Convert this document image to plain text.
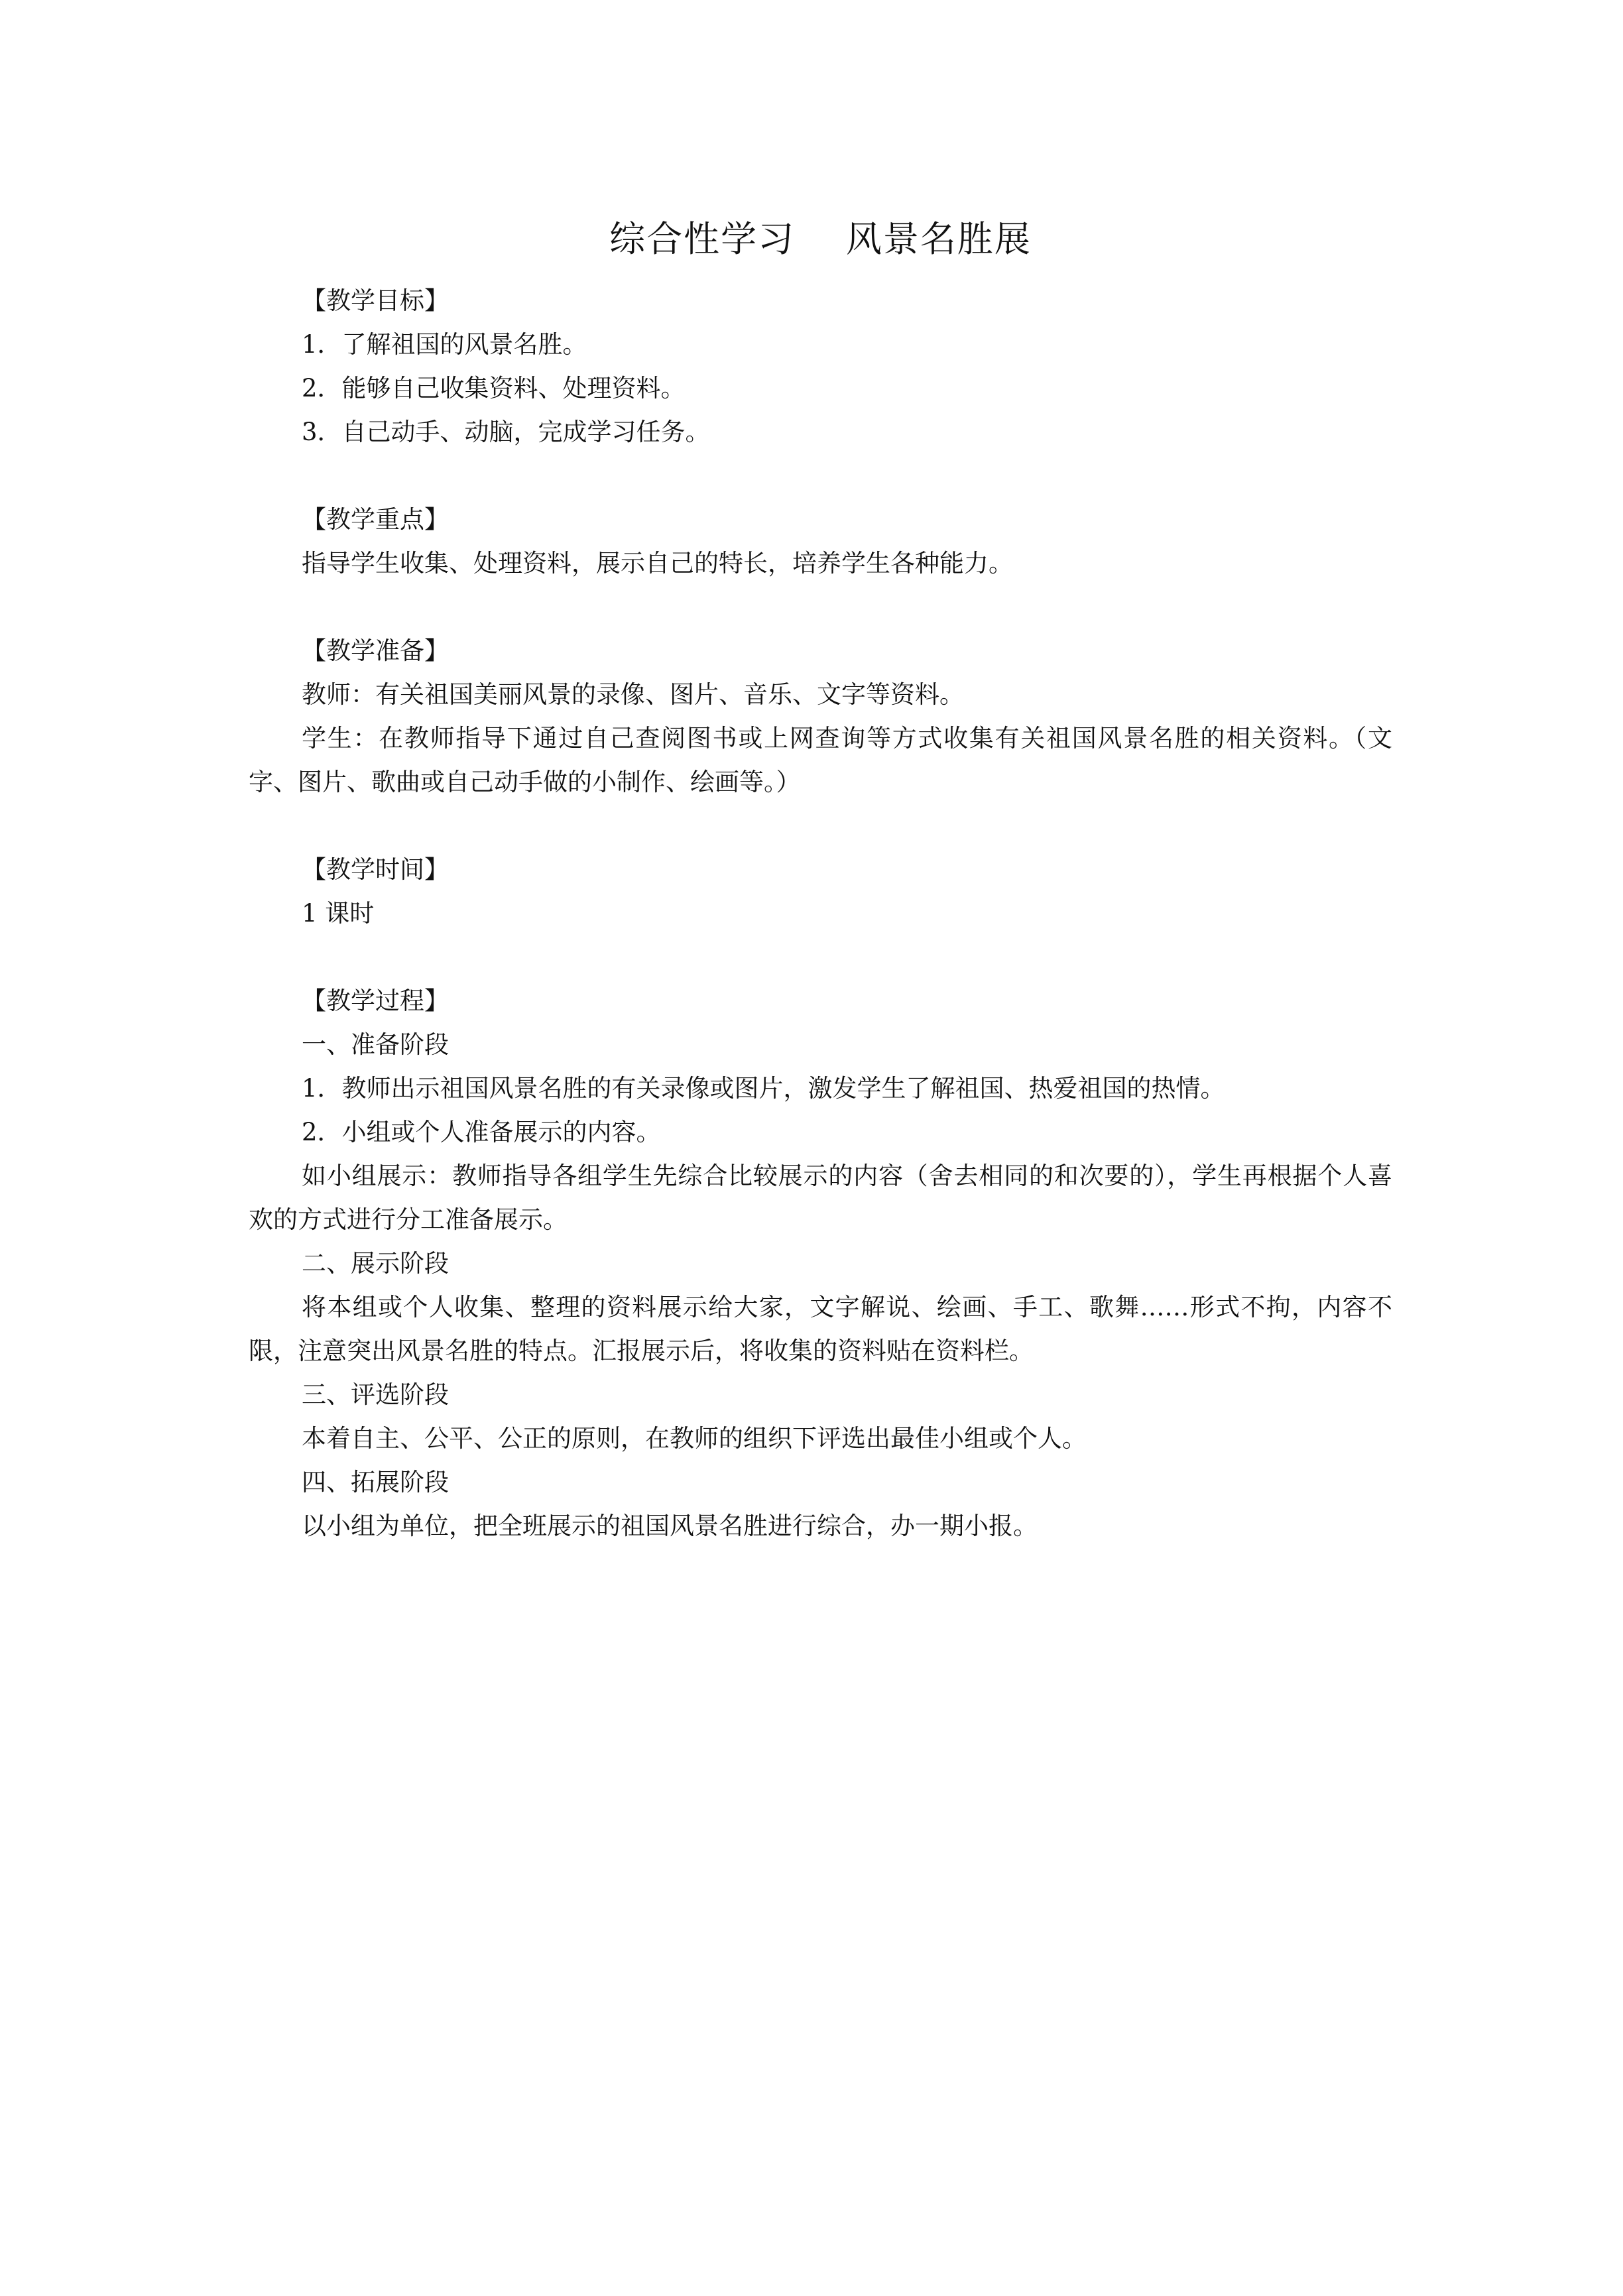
综合性学习    风景名胜展

【教学目标】

1．了解祖国的风景名胜。

2．能够自己收集资料、处理资料。

3．自己动手、动脑，完成学习任务。

【教学重点】

指导学生收集、处理资料，展示自己的特长，培养学生各种能力。

【教学准备】

教师：有关祖国美丽风景的录像、图片、音乐、文字等资料。

学生：在教师指导下通过自己查阅图书或上网查询等方式收集有关祖国风景名胜的相关资料。（文字、图片、歌曲或自己动手做的小制作、绘画等。）

【教学时间】

1 课时

【教学过程】

一、准备阶段

1．教师出示祖国风景名胜的有关录像或图片，激发学生了解祖国、热爱祖国的热情。

2．小组或个人准备展示的内容。

如小组展示：教师指导各组学生先综合比较展示的内容（舍去相同的和次要的），学生再根据个人喜欢的方式进行分工准备展示。

二、展示阶段

将本组或个人收集、整理的资料展示给大家，文字解说、绘画、手工、歌舞……形式不拘，内容不限，注意突出风景名胜的特点。汇报展示后，将收集的资料贴在资料栏。

三、评选阶段

本着自主、公平、公正的原则，在教师的组织下评选出最佳小组或个人。

四、拓展阶段

以小组为单位，把全班展示的祖国风景名胜进行综合，办一期小报。
